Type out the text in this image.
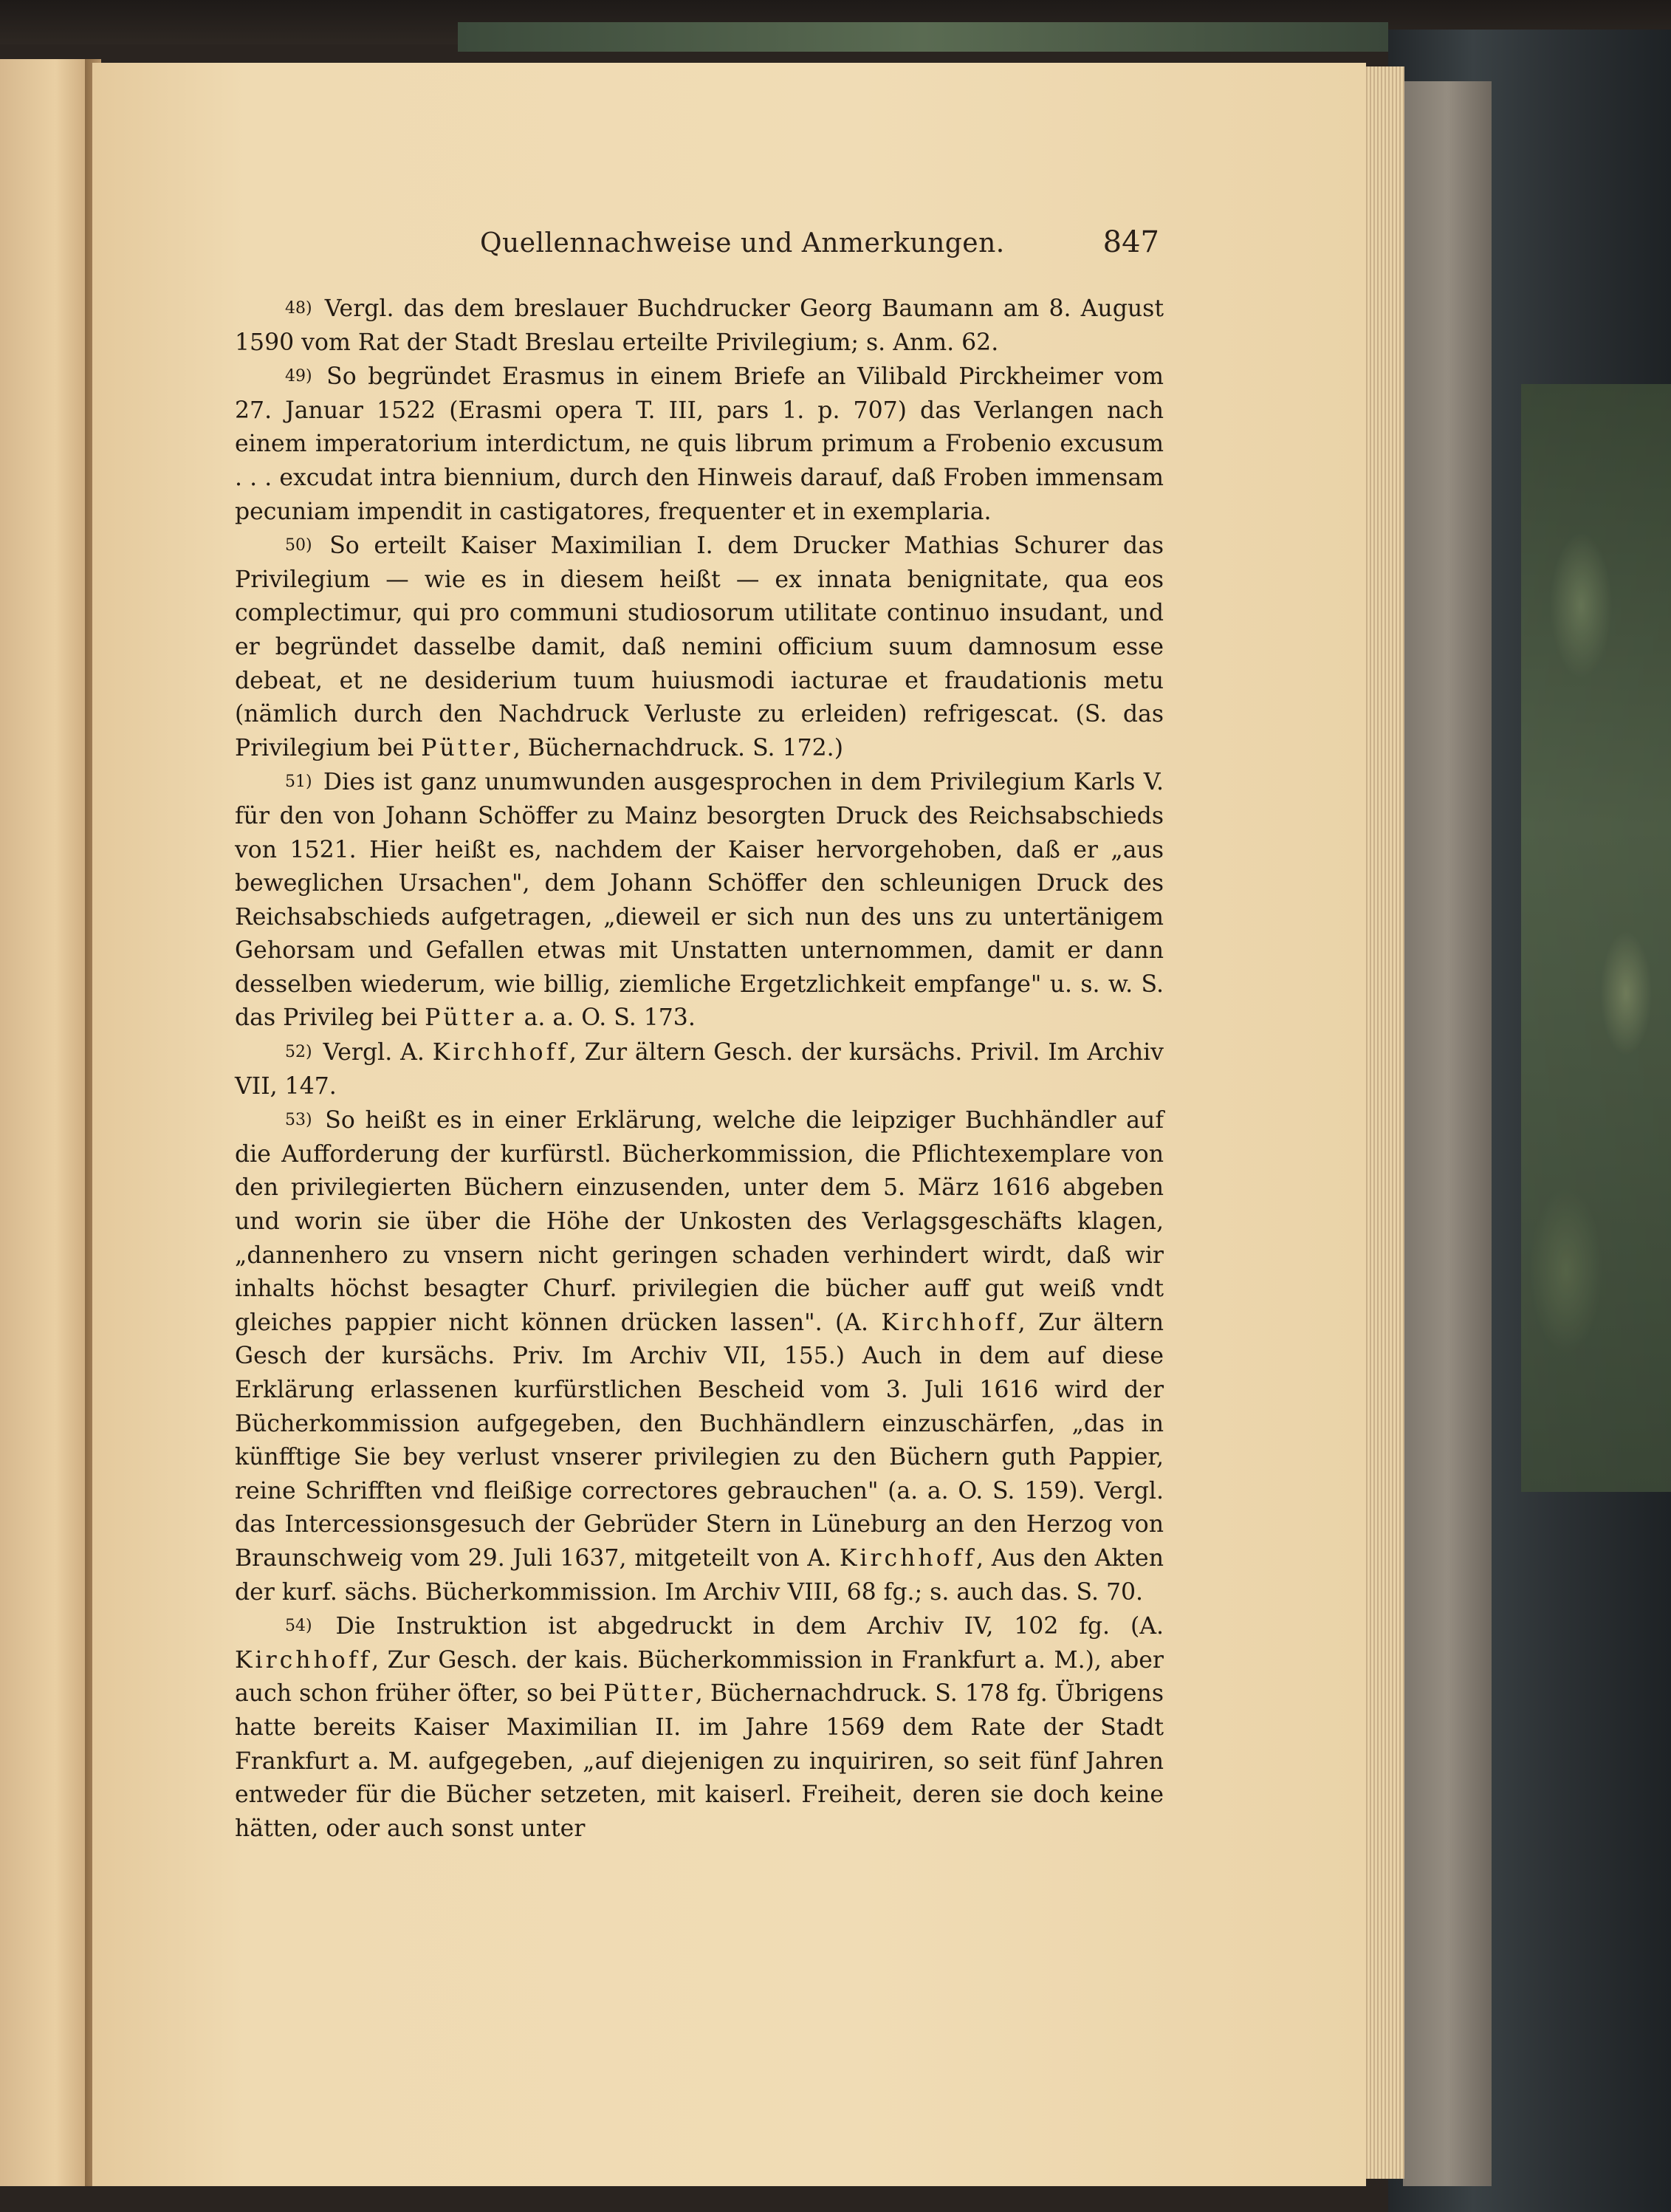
Quellennachweise und Anmerkungen.	847

48) Vergl. das dem breslauer Buchdrucker Georg Baumann am 8. August 1590 vom Rat der Stadt Breslau erteilte Privilegium; s. Anm. 62.

49) So begründet Erasmus in einem Briefe an Vilibald Pirckheimer vom 27. Januar 1522 (Erasmi opera T. III, pars 1. p. 707) das Verlangen nach einem imperatorium interdictum, ne quis librum primum a Frobenio excusum . . . excudat intra biennium, durch den Hinweis darauf, daß Froben immensam pecuniam impendit in castigatores, frequenter et in exemplaria.

50) So erteilt Kaiser Maximilian I. dem Drucker Mathias Schurer das Privilegium — wie es in diesem heißt — ex innata benignitate, qua eos complectimur, qui pro communi studiosorum utilitate continuo insudant, und er begründet dasselbe damit, daß nemini officium suum damnosum esse debeat, et ne desiderium tuum huiusmodi iacturae et fraudationis metu (nämlich durch den Nachdruck Verluste zu erleiden) refrigescat. (S. das Privilegium bei Pütter, Büchernachdruck. S. 172.)

51) Dies ist ganz unumwunden ausgesprochen in dem Privilegium Karls V. für den von Johann Schöffer zu Mainz besorgten Druck des Reichsabschieds von 1521. Hier heißt es, nachdem der Kaiser hervorgehoben, daß er „aus beweglichen Ursachen", dem Johann Schöffer den schleunigen Druck des Reichsabschieds aufgetragen, „dieweil er sich nun des uns zu untertänigem Gehorsam und Gefallen etwas mit Unstatten unternommen, damit er dann desselben wiederum, wie billig, ziemliche Ergetzlichkeit empfange" u. s. w. S. das Privileg bei Pütter a. a. O. S. 173.

52) Vergl. A. Kirchhoff, Zur ältern Gesch. der kursächs. Privil. Im Archiv VII, 147.

53) So heißt es in einer Erklärung, welche die leipziger Buchhändler auf die Aufforderung der kurfürstl. Bücherkommission, die Pflichtexemplare von den privilegierten Büchern einzusenden, unter dem 5. März 1616 abgeben und worin sie über die Höhe der Unkosten des Verlagsgeschäfts klagen, „dannenhero zu vnsern nicht geringen schaden verhindert wirdt, daß wir inhalts höchst besagter Churf. privilegien die bücher auff gut weiß vndt gleiches pappier nicht können drücken lassen". (A. Kirchhoff, Zur ältern Gesch der kursächs. Priv. Im Archiv VII, 155.) Auch in dem auf diese Erklärung erlassenen kurfürstlichen Bescheid vom 3. Juli 1616 wird der Bücherkommission aufgegeben, den Buchhändlern einzuschärfen, „das in künfftige Sie bey verlust vnserer privilegien zu den Büchern guth Pappier, reine Schrifften vnd fleißige correctores gebrauchen" (a. a. O. S. 159). Vergl. das Intercessionsgesuch der Gebrüder Stern in Lüneburg an den Herzog von Braunschweig vom 29. Juli 1637, mitgeteilt von A. Kirchhoff, Aus den Akten der kurf. sächs. Bücherkommission. Im Archiv VIII, 68 fg.; s. auch das. S. 70.

54) Die Instruktion ist abgedruckt in dem Archiv IV, 102 fg. (A. Kirchhoff, Zur Gesch. der kais. Bücherkommission in Frankfurt a. M.), aber auch schon früher öfter, so bei Pütter, Büchernachdruck. S. 178 fg. Übrigens hatte bereits Kaiser Maximilian II. im Jahre 1569 dem Rate der Stadt Frankfurt a. M. aufgegeben, „auf diejenigen zu inquiriren, so seit fünf Jahren entweder für die Bücher setzeten, mit kaiserl. Freiheit, deren sie doch keine hätten, oder auch sonst unter
